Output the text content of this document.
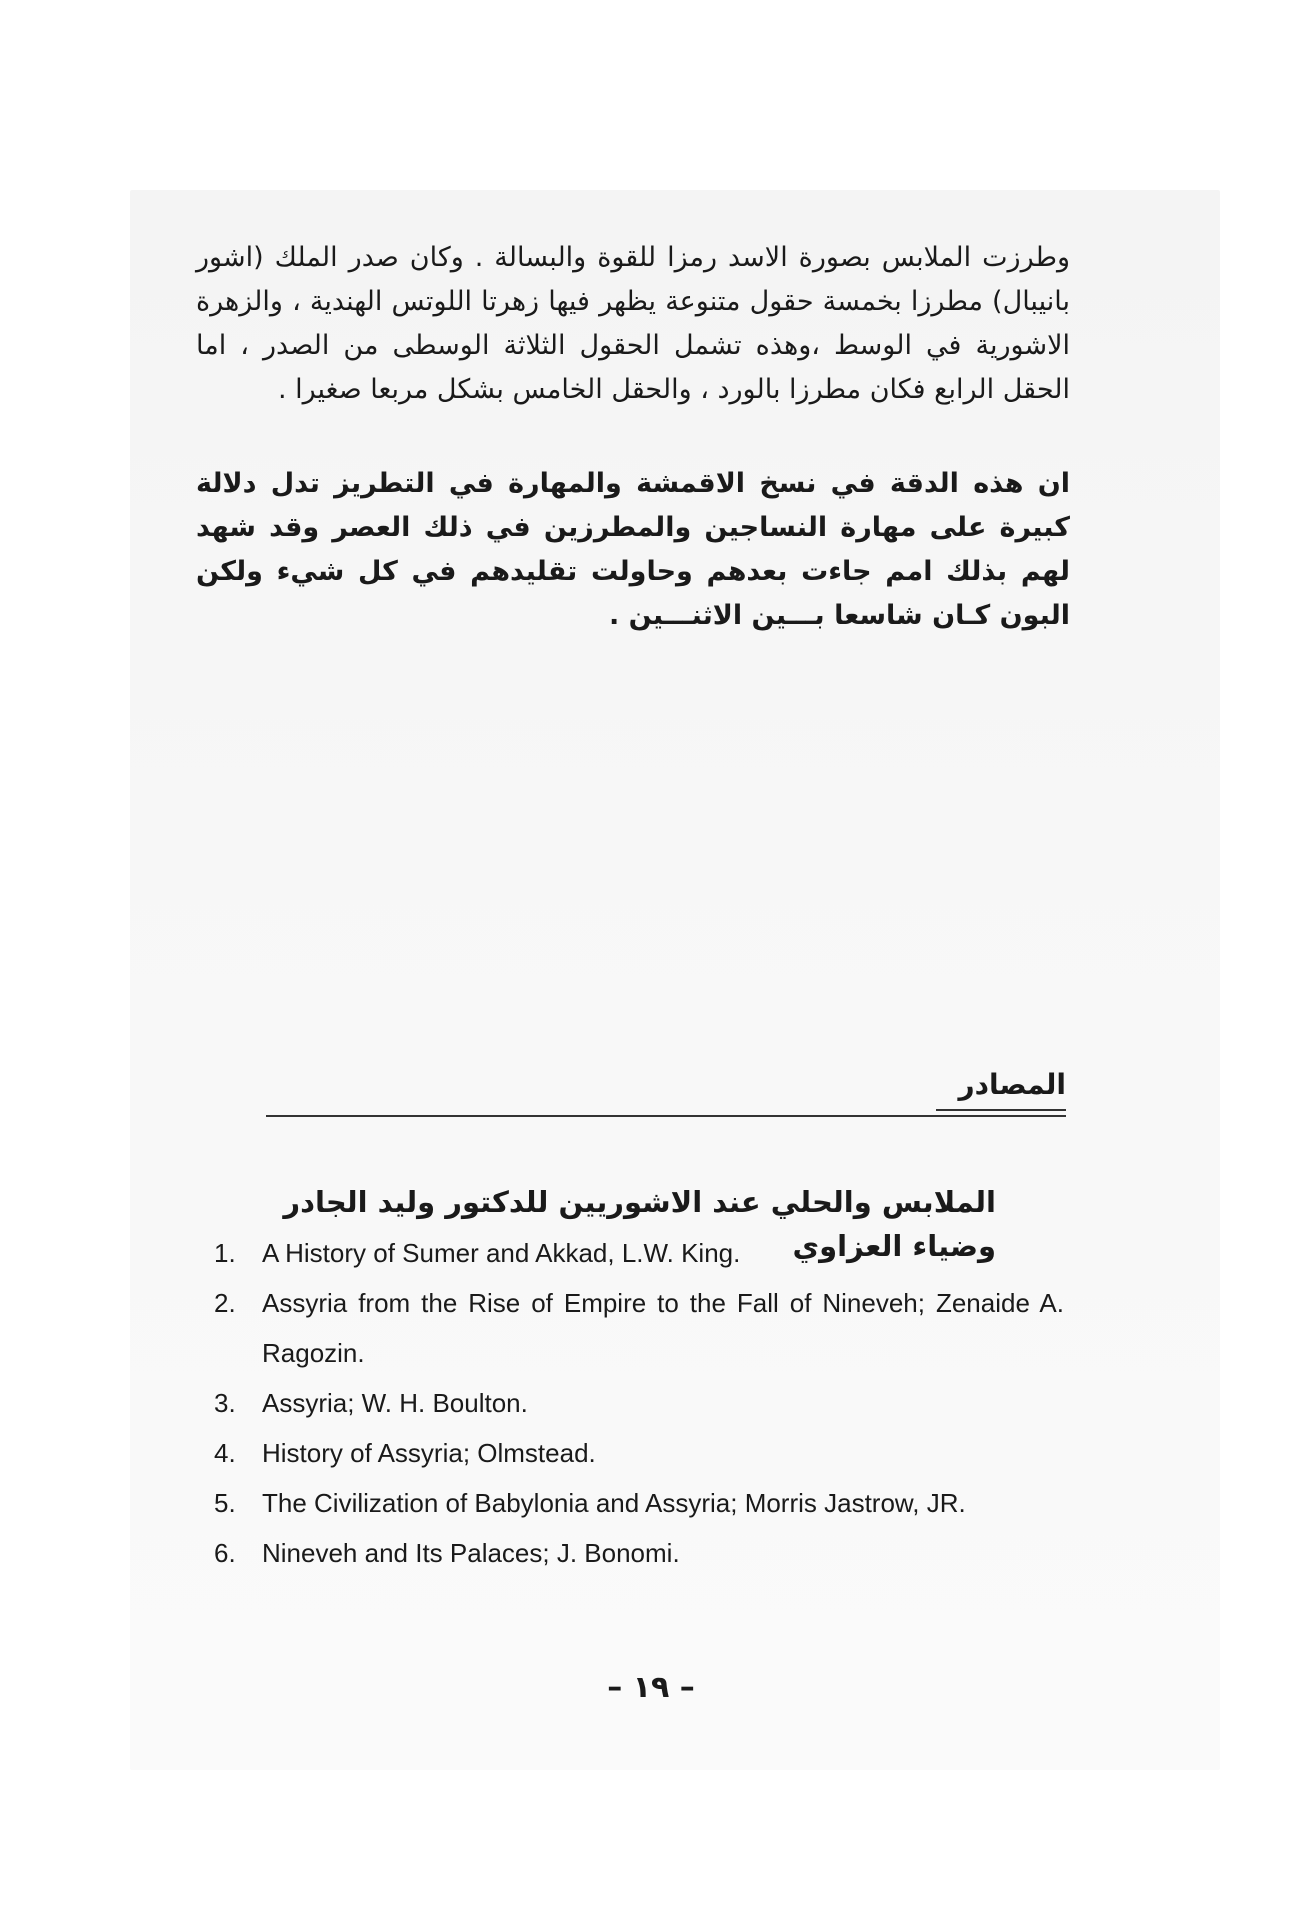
وطرزت الملابس بصورة الاسد رمزا للقوة والبسالة . وكان صدر الملك (اشور بانيبال) مطرزا بخمسة حقول متنوعة يظهر فيها زهرتا اللوتس الهندية ، والزهرة الاشورية في الوسط ،وهذه تشمل الحقول الثلاثة الوسطى من الصدر ، اما الحقل الرابع فكان مطرزا بالورد ، والحقل الخامس بشكل مربعا صغيرا .

ان هذه الدقة في نسخ الاقمشة والمهارة في التطريز تدل دلالة كبيرة على مهارة النساجين والمطرزين في ذلك العصر وقد شهد لهم بذلك امم جاءت بعدهم وحاولت تقليدهم في كل شيء ولكن البون كـان شاسعا بـــين الاثنـــين .

المصادر

الملابس والحلي عند الاشوريين للدكتور وليد الجادر وضياء العزاوي

1. A History of Sumer and Akkad, L.W. King.
2. Assyria from the Rise of Empire to the Fall of Nineveh; Zenaide A. Ragozin.
3. Assyria; W. H. Boulton.
4. History of Assyria; Olmstead.
5. The Civilization of Babylonia and Assyria; Morris Jastrow, JR.
6. Nineveh and Its Palaces; J. Bonomi.
– ١٩ –
